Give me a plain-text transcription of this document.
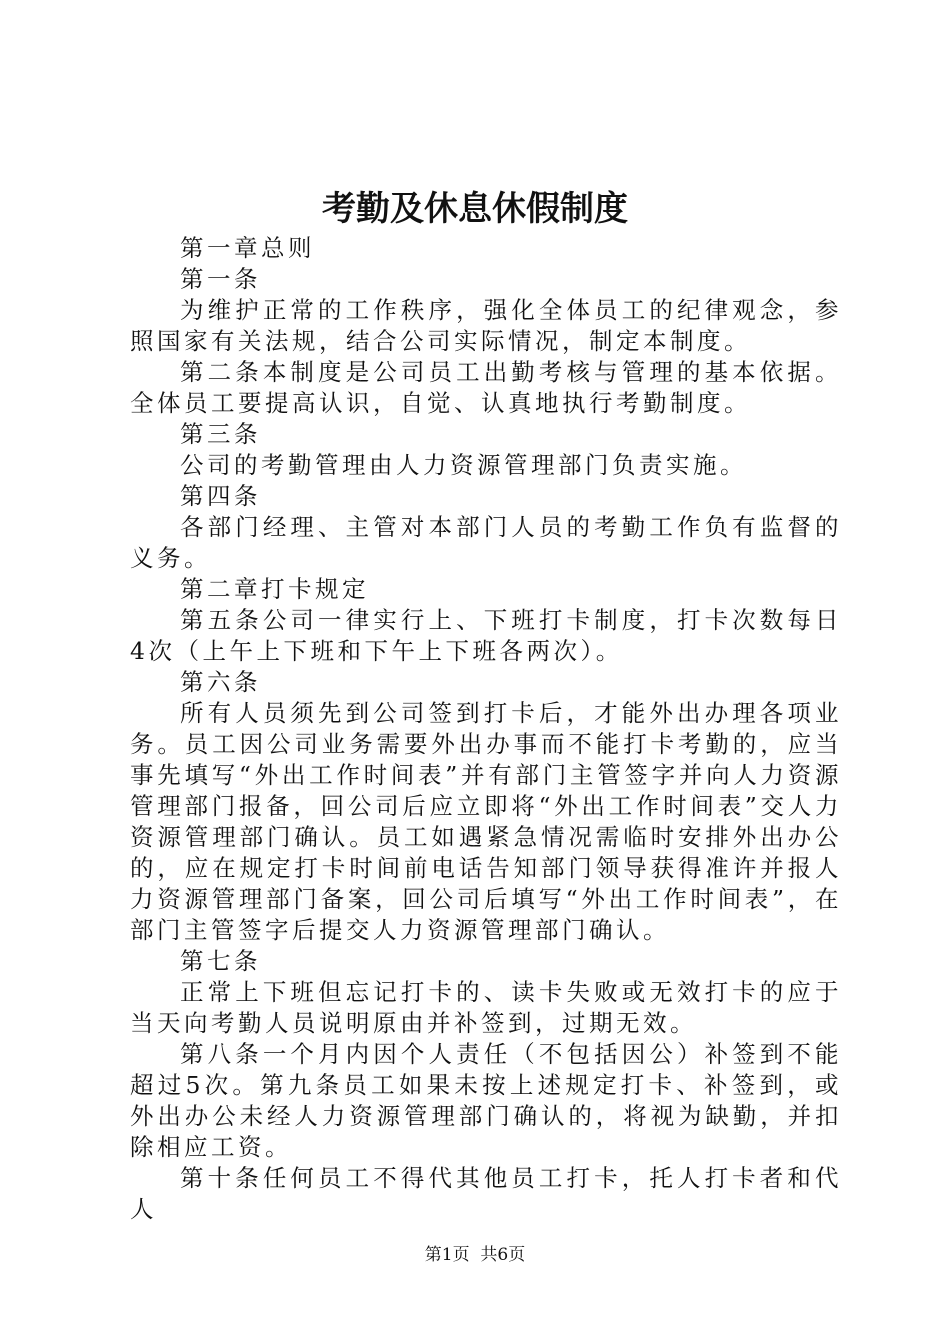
考勤及休息休假制度

第一章总则

第一条

为维护正常的工作秩序，强化全体员工的纪律观念，参照国家有关法规，结合公司实际情况，制定本制度。

第二条本制度是公司员工出勤考核与管理的基本依据。全体员工要提高认识，自觉、认真地执行考勤制度。

第三条

公司的考勤管理由人力资源管理部门负责实施。

第四条

各部门经理、主管对本部门人员的考勤工作负有监督的义务。

第二章打卡规定

第五条公司一律实行上、下班打卡制度，打卡次数每日4次（上午上下班和下午上下班各两次）。

第六条

所有人员须先到公司签到打卡后，才能外出办理各项业务。员工因公司业务需要外出办事而不能打卡考勤的，应当事先填写“外出工作时间表”并有部门主管签字并向人力资源管理部门报备，回公司后应立即将“外出工作时间表”交人力资源管理部门确认。员工如遇紧急情况需临时安排外出办公的，应在规定打卡时间前电话告知部门领导获得准许并报人力资源管理部门备案，回公司后填写“外出工作时间表”，在部门主管签字后提交人力资源管理部门确认。

第七条

正常上下班但忘记打卡的、读卡失败或无效打卡的应于当天向考勤人员说明原由并补签到，过期无效。

第八条一个月内因个人责任（不包括因公）补签到不能超过5次。第九条员工如果未按上述规定打卡、补签到，或外出办公未经人力资源管理部门确认的，将视为缺勤，并扣除相应工资。

第十条任何员工不得代其他员工打卡，托人打卡者和代人

第1页  共6页
